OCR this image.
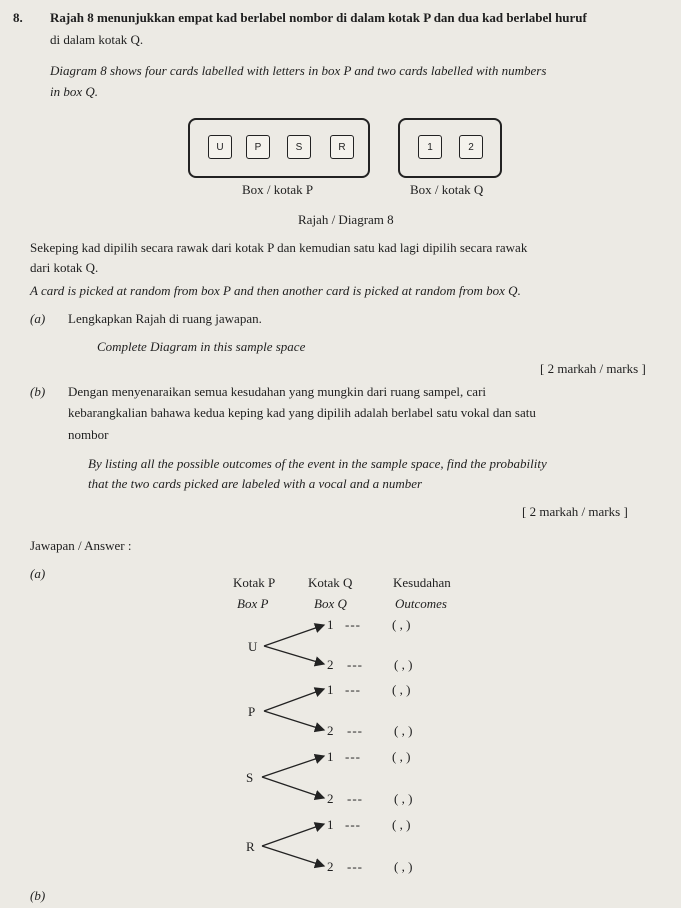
8. Rajah 8 menunjukkan empat kad berlabel nombor di dalam kotak P dan dua kad berlabel huruf
di dalam kotak Q.
Diagram 8 shows four cards labelled with letters in box P and two cards labelled with numbers
in box Q.
U	P	S	R	1	2
Box / kotak P	Box / kotak Q
Rajah / Diagram 8
Sekeping kad dipilih secara rawak dari kotak P dan kemudian satu kad lagi dipilih secara rawak
dari kotak Q.
A card is picked at random from box P and then another card is picked at random from box Q.
(a) Lengkapkan Rajah di ruang jawapan.
Complete Diagram in this sample space
[ 2 markah / marks ]
(b) Dengan menyenaraikan semua kesudahan yang mungkin dari ruang sampel, cari
kebarangkalian bahawa kedua keping kad yang dipilih adalah berlabel satu vokal dan satu
nombor
By listing all the possible outcomes of the event in the sample space, find the probability
that the two cards picked are labeled with a vocal and a number
[ 2 markah / marks ]
Jawapan / Answer :
(a)
Kotak P
Box P
Kotak Q
Box Q
Kesudahan
Outcomes
U
P
S
R
1 --- ( , )
2 --- ( , )
1 --- ( , )
2 --- ( , )
1 --- ( , )
2 --- ( , )
1 --- ( , )
2 --- ( , )
(b)
